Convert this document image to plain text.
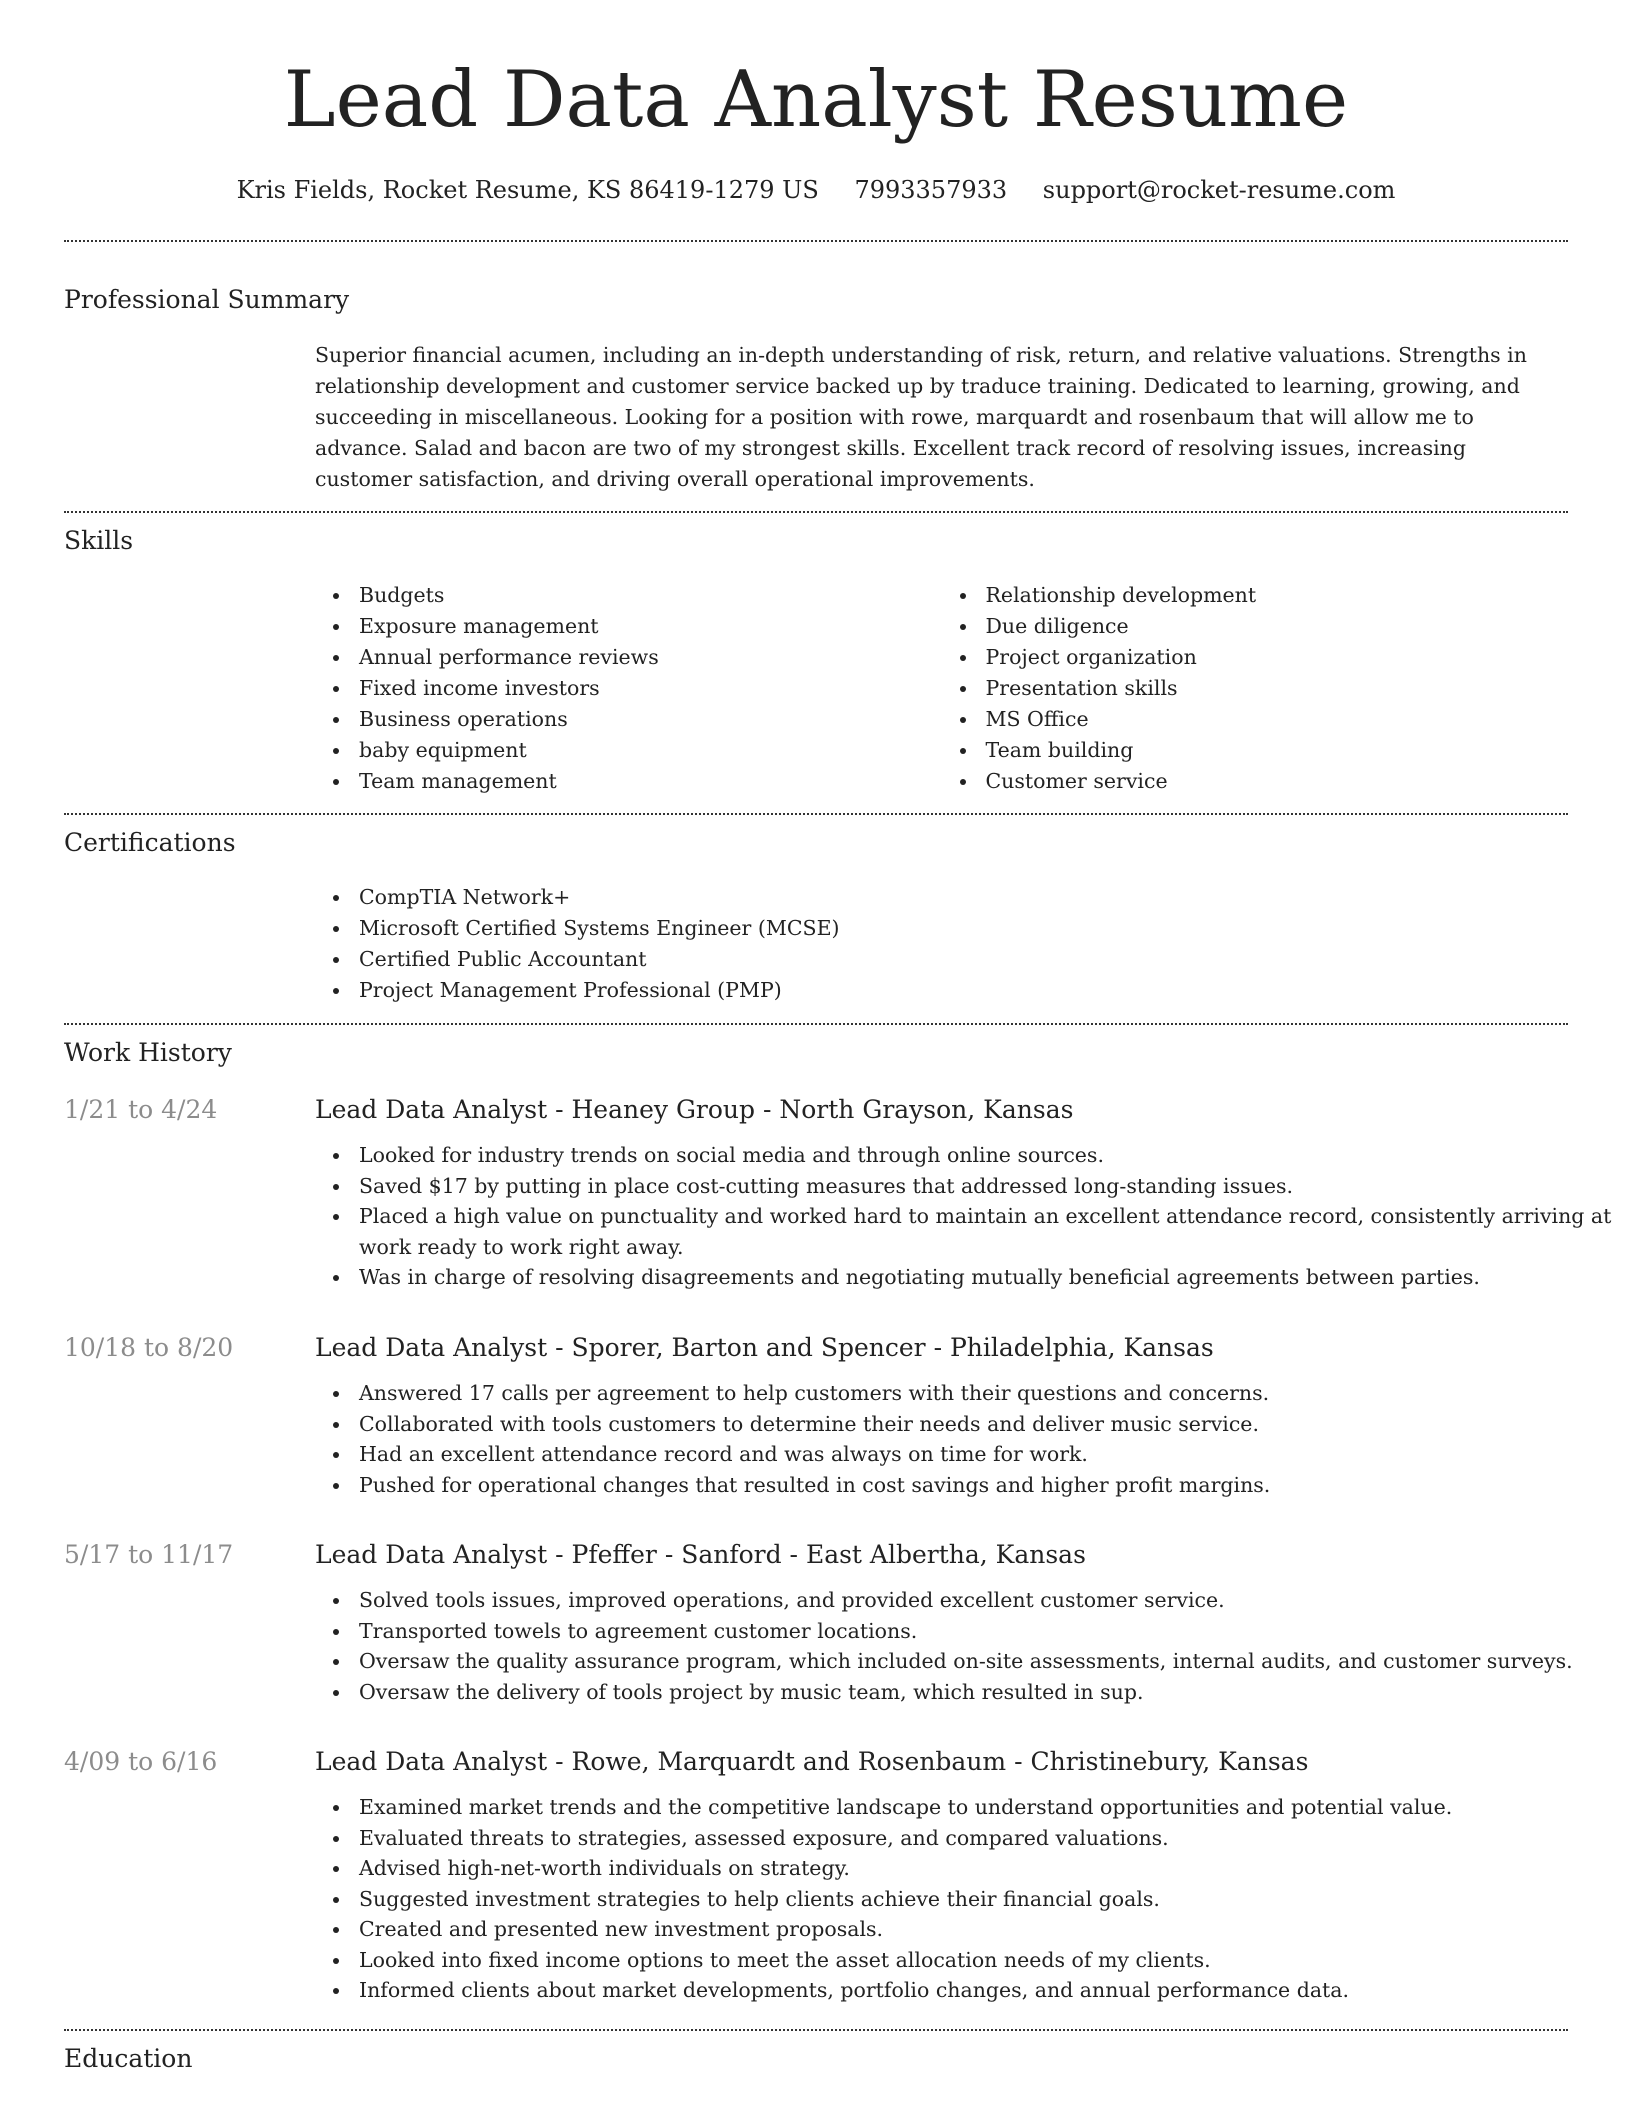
Lead Data Analyst Resume
Kris Fields, Rocket Resume, KS 86419-1279 US 7993357933 support@rocket-resume.com
Professional Summary

Superior financial acumen, including an in-depth understanding of risk, return, and relative valuations. Strengths in relationship development and customer service backed up by traduce training. Dedicated to learning, growing, and succeeding in miscellaneous. Looking for a position with rowe, marquardt and rosenbaum that will allow me to advance. Salad and bacon are two of my strongest skills. Excellent track record of resolving issues, increasing customer satisfaction, and driving overall operational improvements.

Skills
Budgets
Exposure management
Annual performance reviews
Fixed income investors
Business operations
baby equipment
Team management
Relationship development
Due diligence
Project organization
Presentation skills
MS Office
Team building
Customer service
Certifications
CompTIA Network+
Microsoft Certified Systems Engineer (MCSE)
Certified Public Accountant
Project Management Professional (PMP)
Work History
1/21 to 4/24	Lead Data Analyst - Heaney Group - North Grayson, Kansas
Looked for industry trends on social media and through online sources.
Saved $17 by putting in place cost-cutting measures that addressed long-standing issues.
Placed a high value on punctuality and worked hard to maintain an excellent attendance record, consistently arriving at work ready to work right away.
Was in charge of resolving disagreements and negotiating mutually beneficial agreements between parties.
10/18 to 8/20	Lead Data Analyst - Sporer, Barton and Spencer - Philadelphia, Kansas
Answered 17 calls per agreement to help customers with their questions and concerns.
Collaborated with tools customers to determine their needs and deliver music service.
Had an excellent attendance record and was always on time for work.
Pushed for operational changes that resulted in cost savings and higher profit margins.
5/17 to 11/17	Lead Data Analyst - Pfeffer - Sanford - East Albertha, Kansas
Solved tools issues, improved operations, and provided excellent customer service.
Transported towels to agreement customer locations.
Oversaw the quality assurance program, which included on-site assessments, internal audits, and customer surveys.
Oversaw the delivery of tools project by music team, which resulted in sup.
4/09 to 6/16	Lead Data Analyst - Rowe, Marquardt and Rosenbaum - Christinebury, Kansas
Examined market trends and the competitive landscape to understand opportunities and potential value.
Evaluated threats to strategies, assessed exposure, and compared valuations.
Advised high-net-worth individuals on strategy.
Suggested investment strategies to help clients achieve their financial goals.
Created and presented new investment proposals.
Looked into fixed income options to meet the asset allocation needs of my clients.
Informed clients about market developments, portfolio changes, and annual performance data.
Education
